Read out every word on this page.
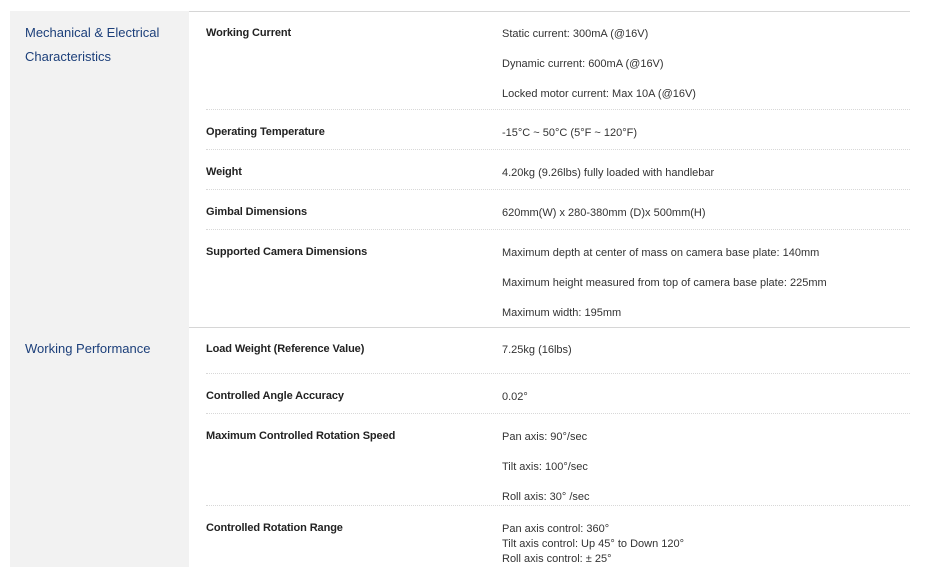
Mechanical & Electrical Characteristics
Working Current	Static current: 300mA (@16V)
Dynamic current: 600mA (@16V)
Locked motor current: Max 10A (@16V)
Operating Temperature	-15°C ~ 50°C (5°F ~ 120°F)
Weight	4.20kg (9.26lbs) fully loaded with handlebar
Gimbal Dimensions	620mm(W) x 280-380mm (D)x 500mm(H)
Supported Camera Dimensions	Maximum depth at center of mass on camera base plate: 140mm
Maximum height measured from top of camera base plate: 225mm
Maximum width: 195mm
Working Performance	Load Weight (Reference Value)	7.25kg (16lbs)
Controlled Angle Accuracy	0.02°
Maximum Controlled Rotation Speed	Pan axis: 90°/sec
Tilt axis: 100°/sec
Roll axis: 30° /sec
Controlled Rotation Range	Pan axis control: 360°
Tilt axis control: Up 45° to Down 120°
Roll axis control: ± 25°
